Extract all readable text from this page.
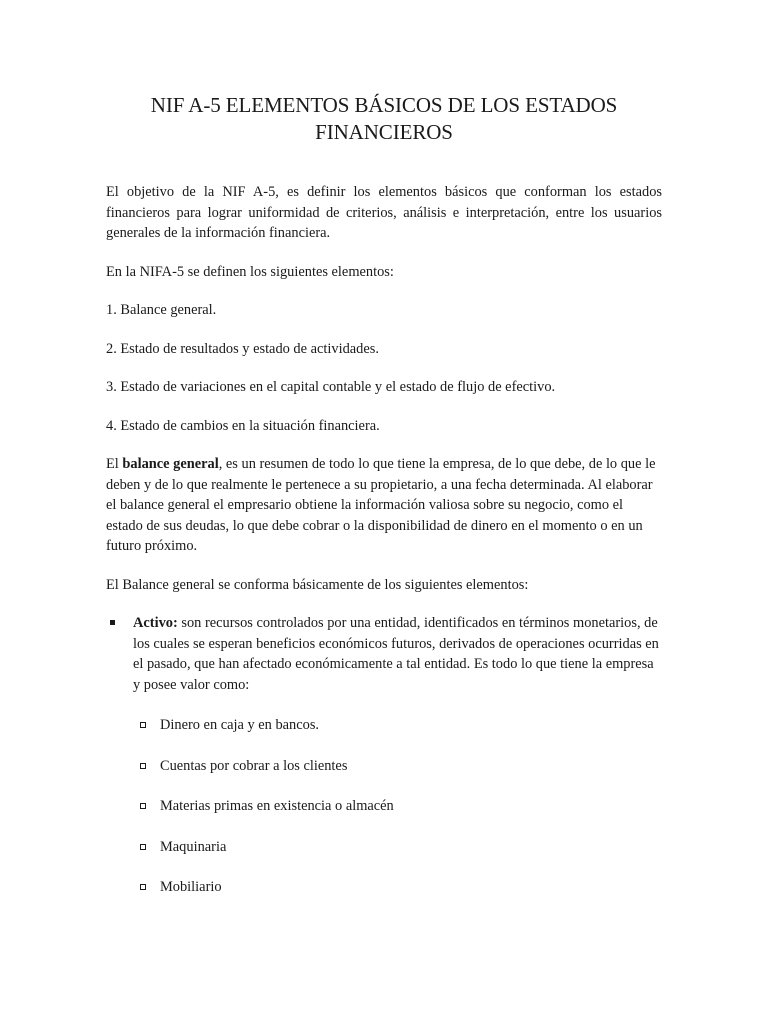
NIF A-5 ELEMENTOS BÁSICOS DE LOS ESTADOS FINANCIEROS

El objetivo de la NIF A-5, es definir los elementos básicos que conforman los estados financieros para lograr uniformidad de criterios, análisis e interpretación, entre los usuarios generales de la información financiera.

En la NIFA-5 se definen los siguientes elementos:

1. Balance general.

2. Estado de resultados y estado de actividades.

3. Estado de variaciones en el capital contable y el estado de flujo de efectivo.

4. Estado de cambios en la situación financiera.

El balance general, es un resumen de todo lo que tiene la empresa, de lo que debe, de lo que le deben y de lo que realmente le pertenece a su propietario, a una fecha determinada. Al elaborar el balance general el empresario obtiene la información valiosa sobre su negocio, como el estado de sus deudas, lo que debe cobrar o la disponibilidad de dinero en el momento o en un futuro próximo.

El Balance general se conforma básicamente de los siguientes elementos:

Activo: son recursos controlados por una entidad, identificados en términos monetarios, de los cuales se esperan beneficios económicos futuros, derivados de operaciones ocurridas en el pasado, que han afectado económicamente a tal entidad. Es todo lo que tiene la empresa y posee valor como:
Dinero en caja y en bancos.
Cuentas por cobrar a los clientes
Materias primas en existencia o almacén
Maquinaria
Mobiliario
